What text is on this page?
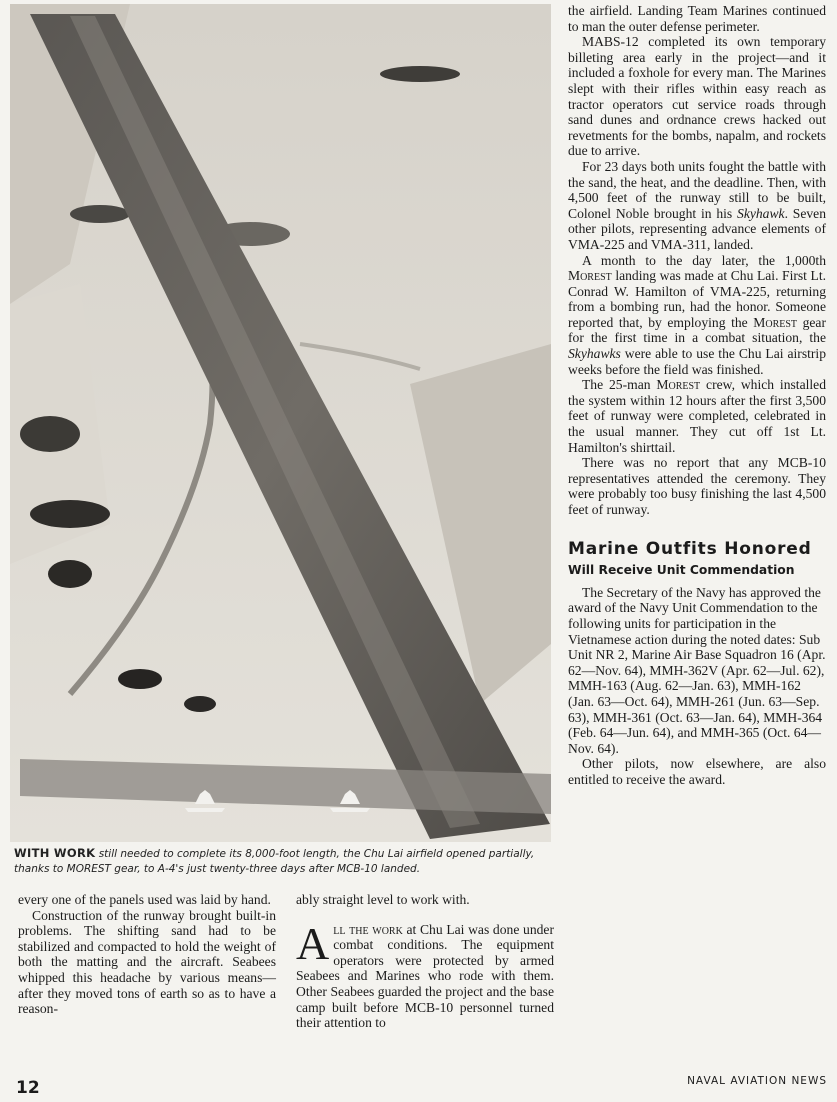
WITH WORK still needed to complete its 8,000-foot length, the Chu Lai airfield opened partially, thanks to MOREST gear, to A-4's just twenty-three days after MCB-10 landed.

every one of the panels used was laid by hand.

Construction of the runway brought built-in problems. The shifting sand had to be stabilized and compacted to hold the weight of both the matting and the aircraft. Seabees whipped this headache by various means—after they moved tons of earth so as to have a reason-

ably straight level to work with.

All the work at Chu Lai was done under combat conditions. The equipment operators were protected by armed Seabees and Marines who rode with them. Other Seabees guarded the project and the base camp built before MCB-10 personnel turned their attention to

the airfield. Landing Team Marines continued to man the outer defense perimeter.

MABS-12 completed its own temporary billeting area early in the project—and it included a foxhole for every man. The Marines slept with their rifles within easy reach as tractor operators cut service roads through sand dunes and ordnance crews hacked out revetments for the bombs, napalm, and rockets due to arrive.

For 23 days both units fought the battle with the sand, the heat, and the deadline. Then, with 4,500 feet of the runway still to be built, Colonel Noble brought in his Skyhawk. Seven other pilots, representing advance elements of VMA-225 and VMA-311, landed.

A month to the day later, the 1,000th Morest landing was made at Chu Lai. First Lt. Conrad W. Hamilton of VMA-225, returning from a bombing run, had the honor. Someone reported that, by employing the Morest gear for the first time in a combat situation, the Skyhawks were able to use the Chu Lai airstrip weeks before the field was finished.

The 25-man Morest crew, which installed the system within 12 hours after the first 3,500 feet of runway were completed, celebrated in the usual manner. They cut off 1st Lt. Hamilton's shirttail.

There was no report that any MCB-10 representatives attended the ceremony. They were probably too busy finishing the last 4,500 feet of runway.

Marine Outfits Honored
Will Receive Unit Commendation

The Secretary of the Navy has approved the award of the Navy Unit Commendation to the following units for participation in the Vietnamese action during the noted dates: Sub Unit NR 2, Marine Air Base Squadron 16 (Apr. 62—Nov. 64), MMH-362V (Apr. 62—Jul. 62), MMH-163 (Aug. 62—Jan. 63), MMH-162 (Jan. 63—Oct. 64), MMH-261 (Jun. 63—Sep. 63), MMH-361 (Oct. 63—Jan. 64), MMH-364 (Feb. 64—Jun. 64), and MMH-365 (Oct. 64—Nov. 64).

Other pilots, now elsewhere, are also entitled to receive the award.

12	NAVAL AVIATION NEWS
